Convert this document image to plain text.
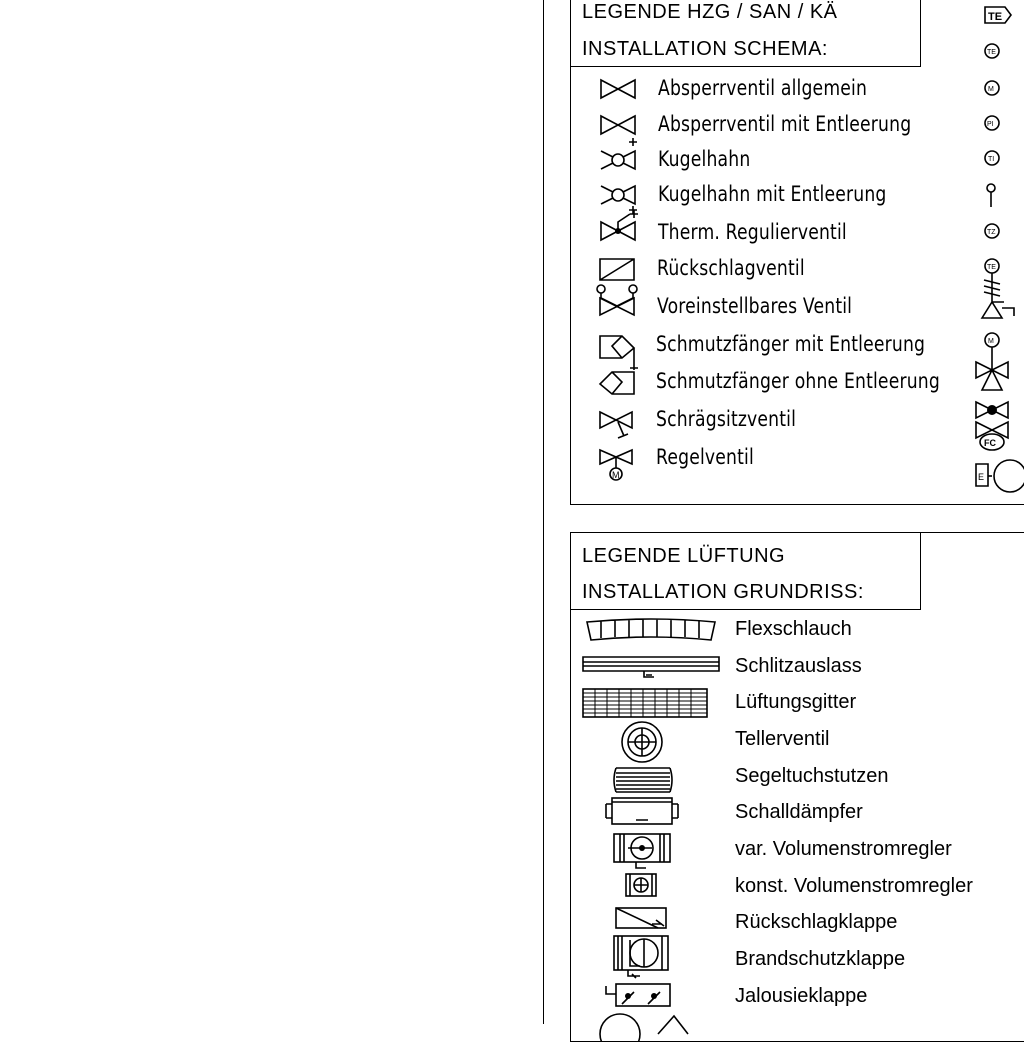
LEGENDE HZG / SAN / KÄ
INSTALLATION SCHEMA:
Absperrventil allgemein
Absperrventil mit Entleerung
Kugelhahn
Kugelhahn mit Entleerung
Therm. Regulierventil
Rückschlagventil
Voreinstellbares Ventil
Schmutzfänger mit Entleerung
Schmutzfänger ohne Entleerung
Schrägsitzventil
M
Regelventil
TE
TE
M
PI
TI
TZ
TE
M
FC
E
LEGENDE LÜFTUNG
INSTALLATION GRUNDRISS:
Flexschlauch
Schlitzauslass
Lüftungsgitter
Tellerventil
Segeltuchstutzen
Schalldämpfer
var. Volumenstromregler
konst. Volumenstromregler
Rückschlagklappe
Brandschutzklappe
Jalousieklappe
